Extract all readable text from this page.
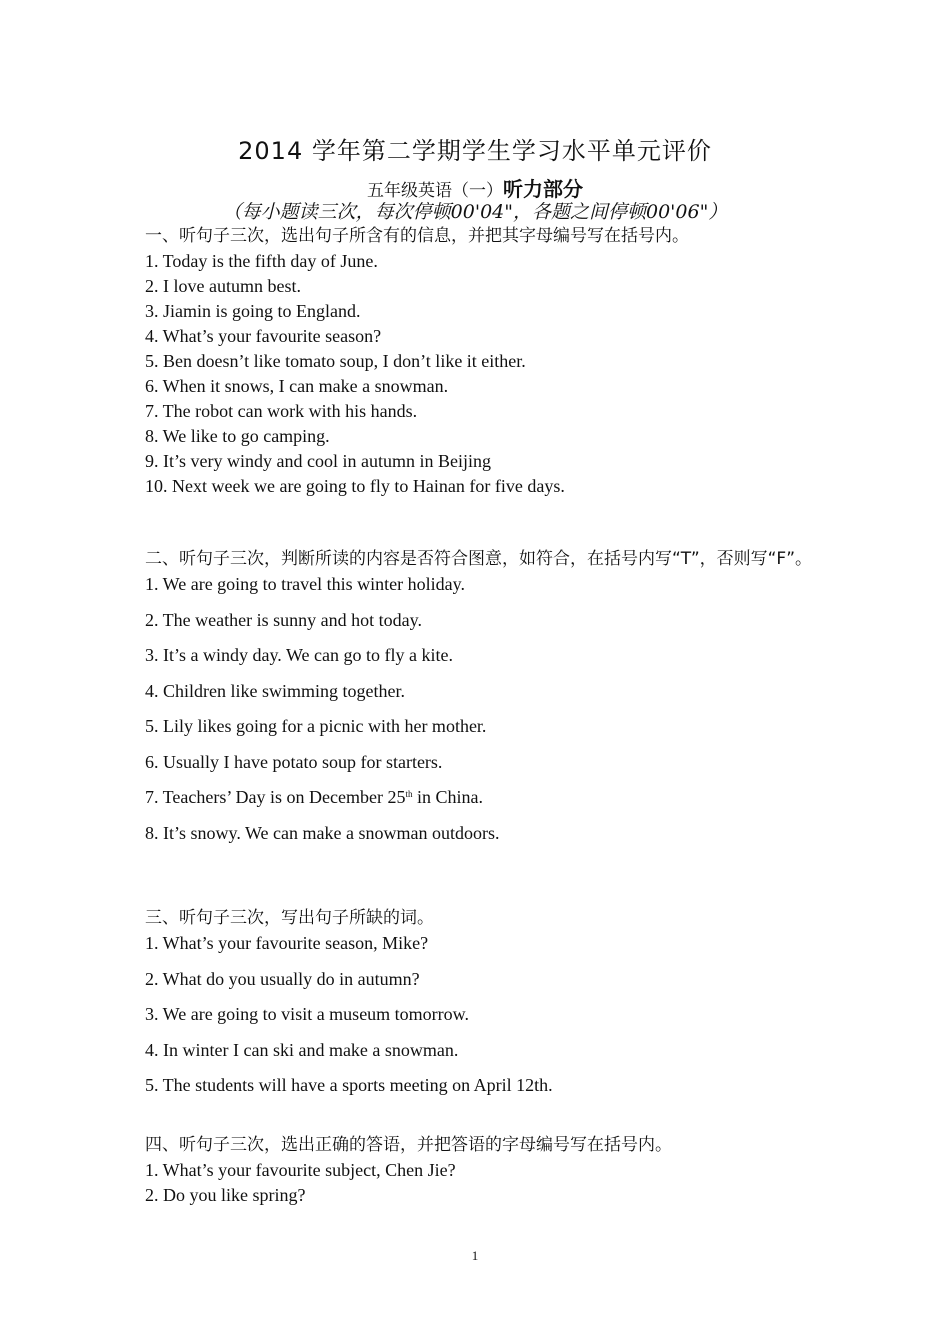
2014 学年第二学期学生学习水平单元评价
五年级英语（一）听力部分
（每小题读三次，每次停顿00'04"，各题之间停顿00'06"）
一、听句子三次，选出句子所含有的信息，并把其字母编号写在括号内。
1. Today is the fifth day of June.
2. I love autumn best.
3. Jiamin is going to England.
4. What’s your favourite season?
5. Ben doesn’t like tomato soup, I don’t like it either.
6. When it snows, I can make a snowman.
7. The robot can work with his hands.
8. We like to go camping.
9. It’s very windy and cool in autumn in Beijing
10. Next week we are going to fly to Hainan for five days.
二、听句子三次，判断所读的内容是否符合图意，如符合，在括号内写“T”，否则写“F”。
1. We are going to travel this winter holiday.
2. The weather is sunny and hot today.
3. It’s a windy day. We can go to fly a kite.
4. Children like swimming together.
5. Lily likes going for a picnic with her mother.
6. Usually I have potato soup for starters.
7. Teachers’ Day is on December 25th in China.
8. It’s snowy. We can make a snowman outdoors.
三、听句子三次，写出句子所缺的词。
1. What’s your favourite season, Mike?
2. What do you usually do in autumn?
3. We are going to visit a museum tomorrow.
4. In winter I can ski and make a snowman.
5. The students will have a sports meeting on April 12th.
四、听句子三次，选出正确的答语，并把答语的字母编号写在括号内。
1. What’s your favourite subject, Chen Jie?
2. Do you like spring?
1
